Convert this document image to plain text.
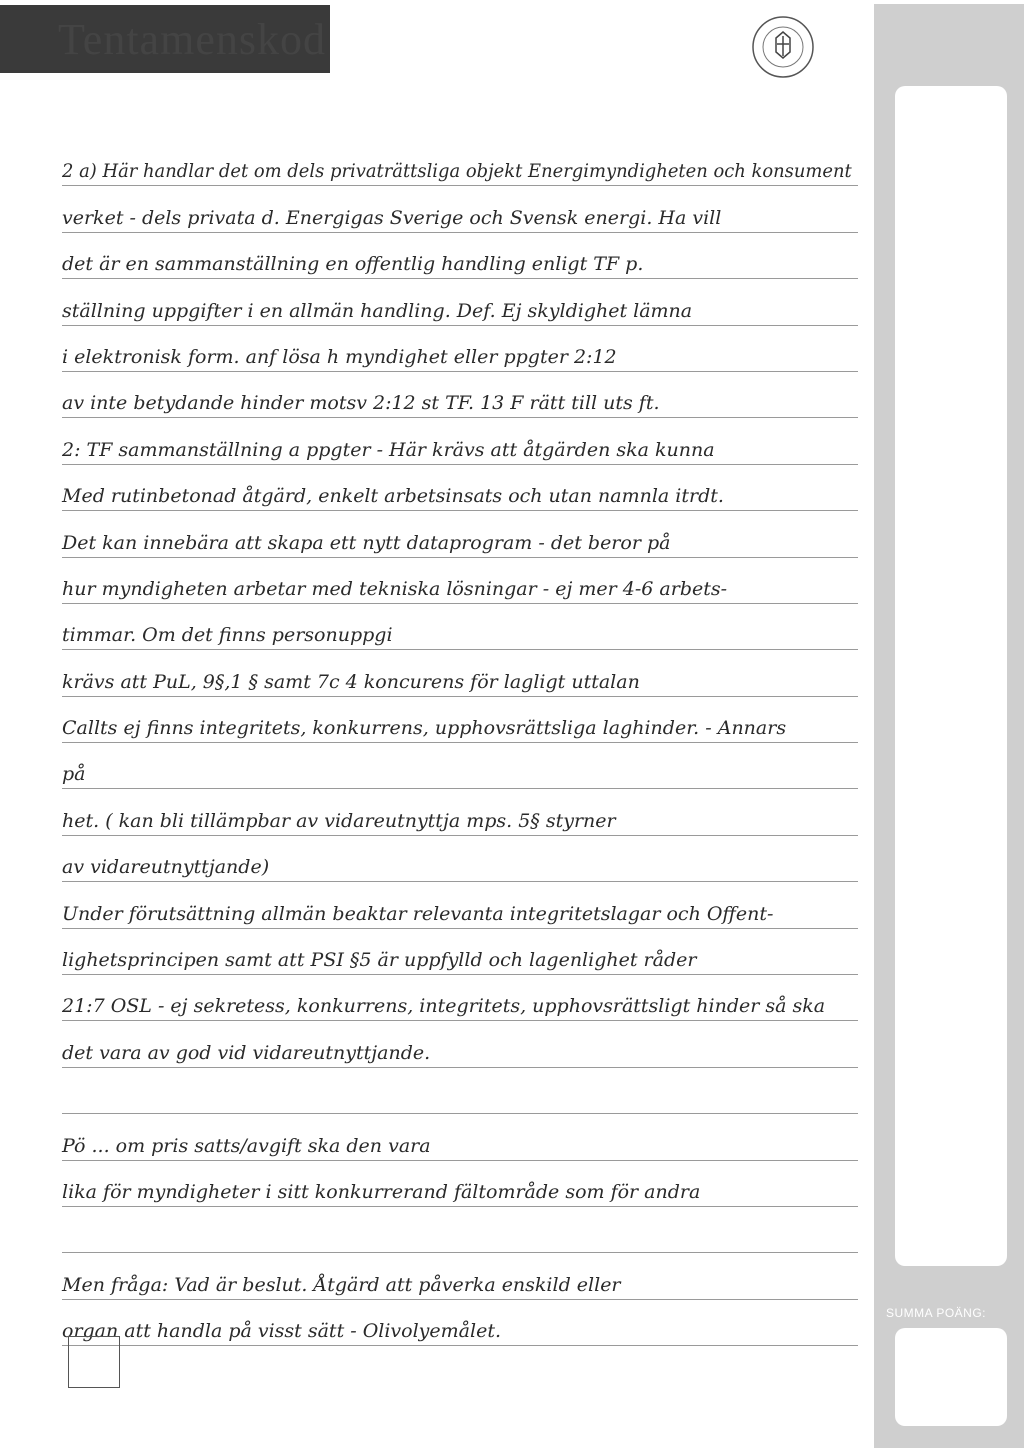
Tentamenskod
SUMMA POÄNG:
2 a) Här handlar det om dels privaträttsliga objekt Energimyndigheten och konsument
verket - dels privata d. Energigas Sverige och Svensk energi. Ha vill
det är en sammanställning en offentlig handling enligt TF p.
ställning uppgifter i en allmän handling. Def. Ej skyldighet lämna
i elektronisk form. anf lösa h myndighet eller ppgter 2:12
av inte betydande hinder motsv 2:12 st TF. 13 F rätt till uts ft.
2: TF sammanställning a ppgter - Här krävs att åtgärden ska kunna
Med rutinbetonad åtgärd, enkelt arbetsinsats och utan namnla itrdt.
Det kan innebära att skapa ett nytt dataprogram - det beror på
hur myndigheten arbetar med tekniska lösningar - ej mer 4-6 arbets-
timmar. Om det finns personuppgi
krävs att PuL, 9§,1 § samt 7c 4 koncurens för lagligt uttalan
Callts ej finns integritets, konkurrens, upphovsrättsliga laghinder. - Annars
på
het. ( kan bli tillämpbar av vidareutnyttja mps. 5§ styrner
av vidareutnyttjande)
Under förutsättning allmän beaktar relevanta integritetslagar och Offent-
lighetsprincipen samt att PSI §5 är uppfylld och lagenlighet råder
21:7 OSL - ej sekretess, konkurrens, integritets, upphovsrättsligt hinder så ska
det vara av god vid vidareutnyttjande.
Pö ... om pris satts/avgift ska den vara
lika för myndigheter i sitt konkurrerand fältområde som för andra
Men fråga: Vad är beslut. Åtgärd att påverka enskild eller
organ att handla på visst sätt - Olivolyemålet.
